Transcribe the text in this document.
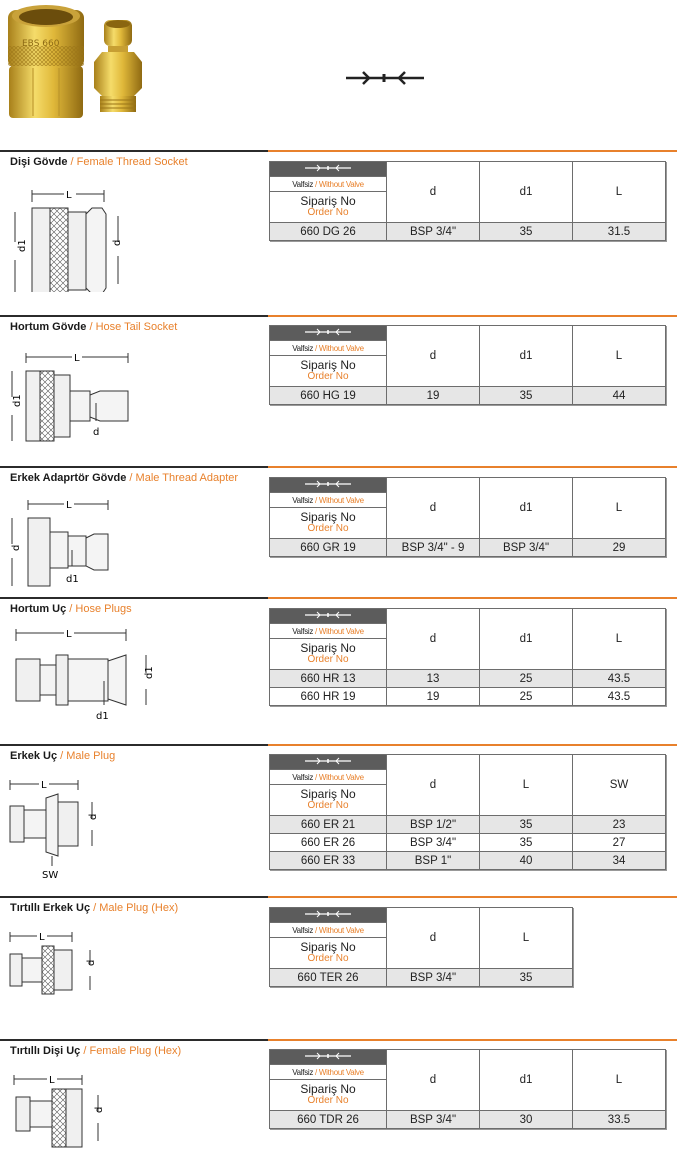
EBS 660
Dişi Gövde / Female Thread Socket
L
d1	d
	d	d1	L
Valfsiz / Without Valve			

Sipariş No
Order No			

660 DG 26	BSP 3/4"	35	31.5
Hortum Gövde / Hose Tail Socket
L
d1
d
	d	d1	L
Valfsiz / Without Valve			

Sipariş No
Order No			

660 HG 19	19	35	44
Erkek Adaprtör Gövde / Male Thread Adapter
L
d
d1
	d	d1	L
Valfsiz / Without Valve			

Sipariş No
Order No			

660 GR 19	BSP 3/4" - 9	BSP 3/4"	29
Hortum Uç / Hose Plugs
L
d1
d1
	d	d1	L
Valfsiz / Without Valve			

Sipariş No
Order No			

660 HR 13	13	25	43.5
660 HR 19	19	25	43.5
Erkek Uç / Male Plug
L
d
SW
	d	L	SW
Valfsiz / Without Valve			

Sipariş No
Order No			

660 ER 21	BSP 1/2"	35	23
660 ER 26	BSP 3/4"	35	27
660 ER 33	BSP 1"	40	34
Tırtıllı Erkek Uç / Male Plug (Hex)
L
d
	d	L
Valfsiz / Without Valve		

Sipariş No
Order No		

660 TER 26	BSP 3/4"	35
Tırtıllı Dişi Uç / Female Plug (Hex)
L
d
	d	d1	L
Valfsiz / Without Valve			

Sipariş No
Order No			

660 TDR 26	BSP 3/4"	30	33.5
